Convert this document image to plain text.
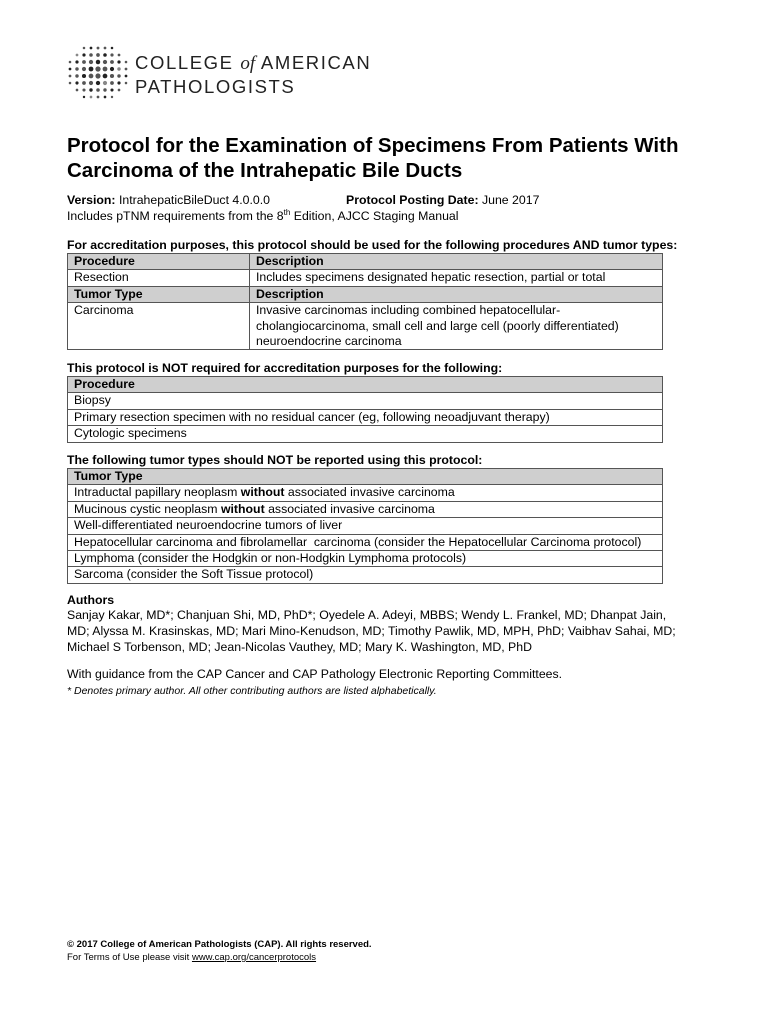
COLLEGE of AMERICAN
PATHOLOGISTS
Protocol for the Examination of Specimens From Patients With Carcinoma of the Intrahepatic Bile Ducts
Version: IntrahepaticBileDuct 4.0.0.0	Protocol Posting Date: June 2017
Includes pTNM requirements from the 8th Edition, AJCC Staging Manual
For accreditation purposes, this protocol should be used for the following procedures AND tumor types:
Procedure	Description
Resection	Includes specimens designated hepatic resection, partial or total
Tumor Type	Description
Carcinoma	Invasive carcinomas including combined hepatocellular-
cholangiocarcinoma, small cell and large cell (poorly differentiated)
neuroendocrine carcinoma
This protocol is NOT required for accreditation purposes for the following:
Procedure
Biopsy
Primary resection specimen with no residual cancer (eg, following neoadjuvant therapy)
Cytologic specimens
The following tumor types should NOT be reported using this protocol:
Tumor Type
Intraductal papillary neoplasm without associated invasive carcinoma
Mucinous cystic neoplasm without associated invasive carcinoma
Well-differentiated neuroendocrine tumors of liver
Hepatocellular carcinoma and fibrolamellar  carcinoma (consider the Hepatocellular Carcinoma protocol)
Lymphoma (consider the Hodgkin or non-Hodgkin Lymphoma protocols)
Sarcoma (consider the Soft Tissue protocol)
Authors
Sanjay Kakar, MD*; Chanjuan Shi, MD, PhD*; Oyedele A. Adeyi, MBBS; Wendy L. Frankel, MD; Dhanpat Jain,
MD; Alyssa M. Krasinskas, MD; Mari Mino-Kenudson, MD; Timothy Pawlik, MD, MPH, PhD; Vaibhav Sahai, MD;
Michael S Torbenson, MD; Jean-Nicolas Vauthey, MD; Mary K. Washington, MD, PhD
With guidance from the CAP Cancer and CAP Pathology Electronic Reporting Committees.
* Denotes primary author. All other contributing authors are listed alphabetically.
© 2017 College of American Pathologists (CAP). All rights reserved.
For Terms of Use please visit www.cap.org/cancerprotocols
